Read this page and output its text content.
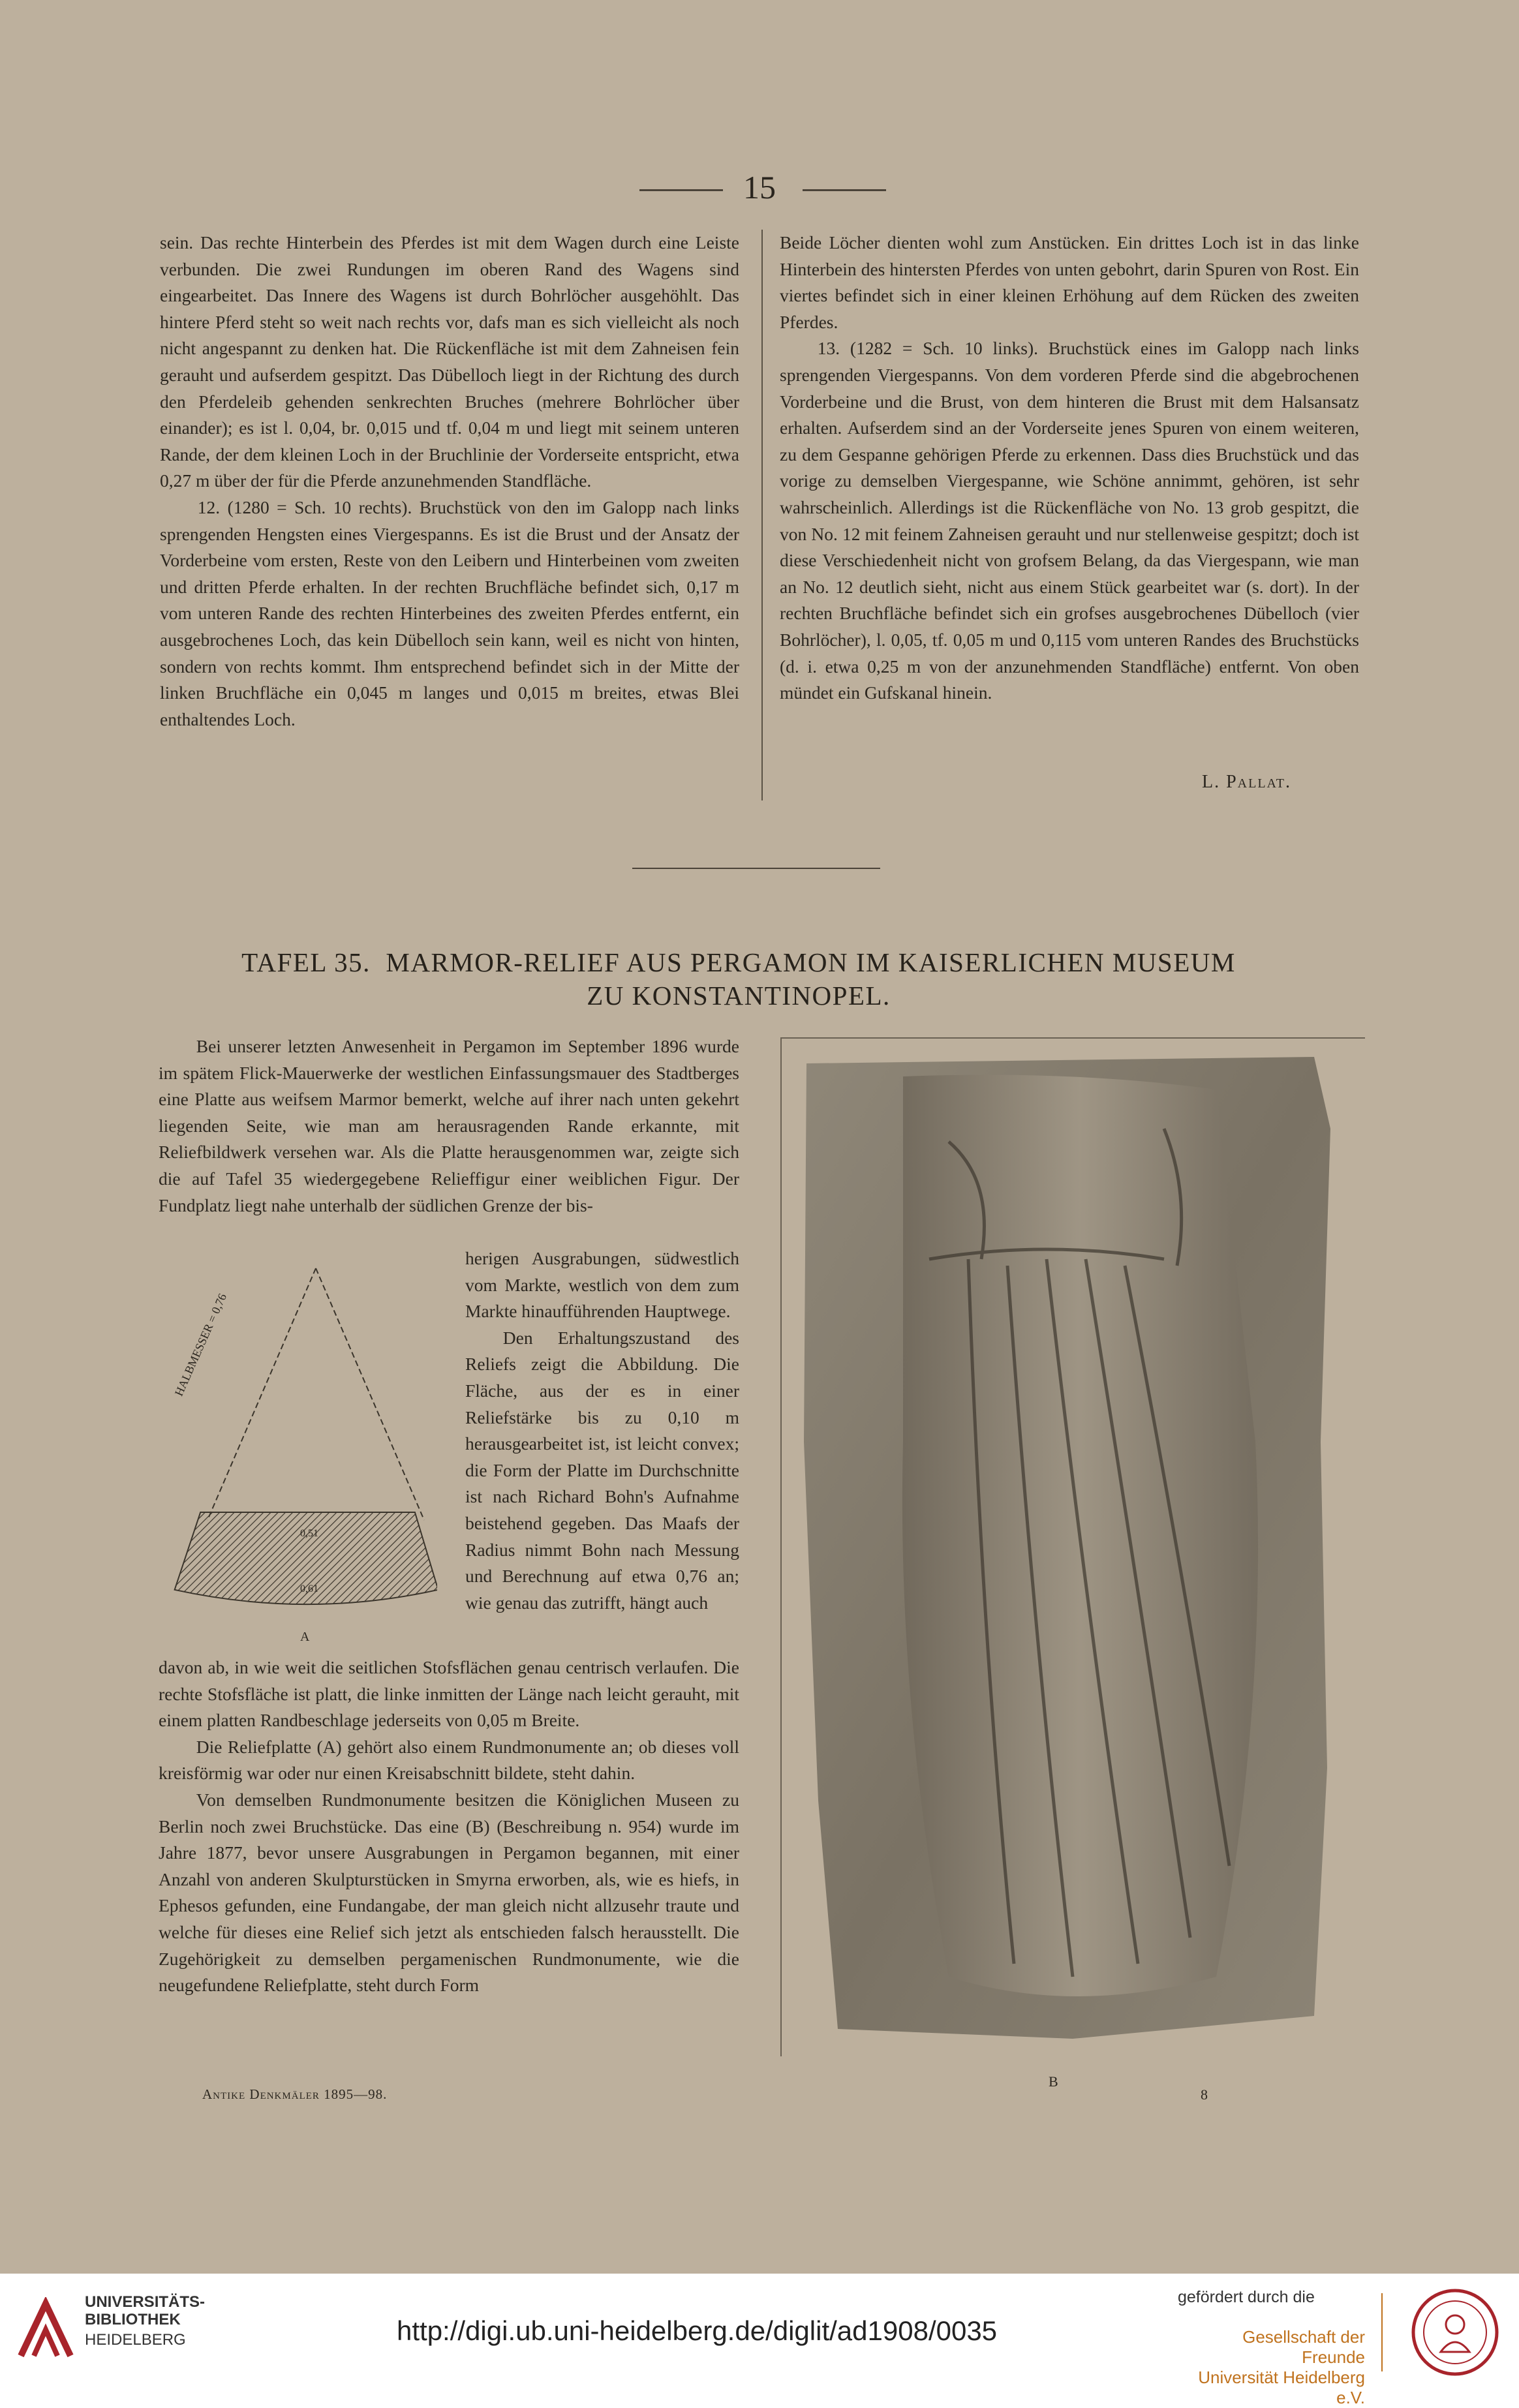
15

sein. Das rechte Hinterbein des Pferdes ist mit dem Wagen durch eine Leiste verbunden. Die zwei Rundungen im oberen Rand des Wagens sind eingearbeitet. Das Innere des Wagens ist durch Bohrlöcher ausgehöhlt. Das hintere Pferd steht so weit nach rechts vor, dafs man es sich vielleicht als noch nicht angespannt zu denken hat. Die Rückenfläche ist mit dem Zahneisen fein gerauht und aufserdem gespitzt. Das Dübelloch liegt in der Richtung des durch den Pferdeleib gehenden senkrechten Bruches (mehrere Bohrlöcher über einander); es ist l. 0,04, br. 0,015 und tf. 0,04 m und liegt mit seinem unteren Rande, der dem kleinen Loch in der Bruchlinie der Vorderseite entspricht, etwa 0,27 m über der für die Pferde anzunehmenden Standfläche.

12. (1280 = Sch. 10 rechts). Bruchstück von den im Galopp nach links sprengenden Hengsten eines Viergespanns. Es ist die Brust und der Ansatz der Vorderbeine vom ersten, Reste von den Leibern und Hinterbeinen vom zweiten und dritten Pferde erhalten. In der rechten Bruchfläche befindet sich, 0,17 m vom unteren Rande des rechten Hinterbeines des zweiten Pferdes entfernt, ein ausgebrochenes Loch, das kein Dübelloch sein kann, weil es nicht von hinten, sondern von rechts kommt. Ihm entsprechend befindet sich in der Mitte der linken Bruchfläche ein 0,045 m langes und 0,015 m breites, etwas Blei enthaltendes Loch.

Beide Löcher dienten wohl zum Anstücken. Ein drittes Loch ist in das linke Hinterbein des hintersten Pferdes von unten gebohrt, darin Spuren von Rost. Ein viertes befindet sich in einer kleinen Erhöhung auf dem Rücken des zweiten Pferdes.

13. (1282 = Sch. 10 links). Bruchstück eines im Galopp nach links sprengenden Viergespanns. Von dem vorderen Pferde sind die abgebrochenen Vorderbeine und die Brust, von dem hinteren die Brust mit dem Halsansatz erhalten. Aufserdem sind an der Vorderseite jenes Spuren von einem weiteren, zu dem Gespanne gehörigen Pferde zu erkennen. Dass dies Bruchstück und das vorige zu demselben Viergespanne, wie Schöne annimmt, gehören, ist sehr wahrscheinlich. Allerdings ist die Rückenfläche von No. 13 grob gespitzt, die von No. 12 mit feinem Zahneisen gerauht und nur stellenweise gespitzt; doch ist diese Verschiedenheit nicht von grofsem Belang, da das Viergespann, wie man an No. 12 deutlich sieht, nicht aus einem Stück gearbeitet war (s. dort). In der rechten Bruchfläche befindet sich ein grofses ausgebrochenes Dübelloch (vier Bohrlöcher), l. 0,05, tf. 0,05 m und 0,115 vom unteren Randes des Bruchstücks (d. i. etwa 0,25 m von der anzunehmenden Standfläche) entfernt. Von oben mündet ein Gufskanal hinein.

L. Pallat.
TAFEL 35.  MARMOR-RELIEF AUS PERGAMON IM KAISERLICHEN MUSEUM
ZU KONSTANTINOPEL.

Bei unserer letzten Anwesenheit in Pergamon im September 1896 wurde im spätem Flick-Mauerwerke der westlichen Einfassungsmauer des Stadtberges eine Platte aus weifsem Marmor bemerkt, welche auf ihrer nach unten gekehrt liegenden Seite, wie man am herausragenden Rande erkannte, mit Reliefbildwerk versehen war. Als die Platte herausgenommen war, zeigte sich die auf Tafel 35 wiedergegebene Relieffigur einer weiblichen Figur. Der Fundplatz liegt nahe unterhalb der südlichen Grenze der bis-

herigen Ausgrabungen, südwestlich vom Markte, westlich von dem zum Markte hinaufführenden Hauptwege.

Den Erhaltungszustand des Reliefs zeigt die Abbildung. Die Fläche, aus der es in einer Reliefstärke bis zu 0,10 m herausgearbeitet ist, ist leicht convex; die Form der Platte im Durchschnitte ist nach Richard Bohn's Aufnahme beistehend gegeben. Das Maafs der Radius nimmt Bohn nach Messung und Berechnung auf etwa 0,76 an; wie genau das zutrifft, hängt auch

HALBMESSER = 0,76
0,51
0,61
A

davon ab, in wie weit die seitlichen Stofsflächen genau centrisch verlaufen. Die rechte Stofsfläche ist platt, die linke inmitten der Länge nach leicht gerauht, mit einem platten Randbeschlage jederseits von 0,05 m Breite.

Die Reliefplatte (A) gehört also einem Rundmonumente an; ob dieses voll kreisförmig war oder nur einen Kreisabschnitt bildete, steht dahin.

Von demselben Rundmonumente besitzen die Königlichen Museen zu Berlin noch zwei Bruchstücke. Das eine (B) (Beschreibung n. 954) wurde im Jahre 1877, bevor unsere Ausgrabungen in Pergamon begannen, mit einer Anzahl von anderen Skulpturstücken in Smyrna erworben, als, wie es hiefs, in Ephesos gefunden, eine Fundangabe, der man gleich nicht allzusehr traute und welche für dieses eine Relief sich jetzt als entschieden falsch herausstellt. Die Zugehörigkeit zu demselben pergamenischen Rundmonumente, wie die neugefundene Reliefplatte, steht durch Form

Antike Denkmäler 1895—98.
B
8
UNIVERSITÄTS-
BIBLIOTHEK
HEIDELBERG	http://digi.ub.uni-heidelberg.de/diglit/ad1908/0035
gefördert durch die
Gesellschaft der Freunde
Universität Heidelberg e.V.
